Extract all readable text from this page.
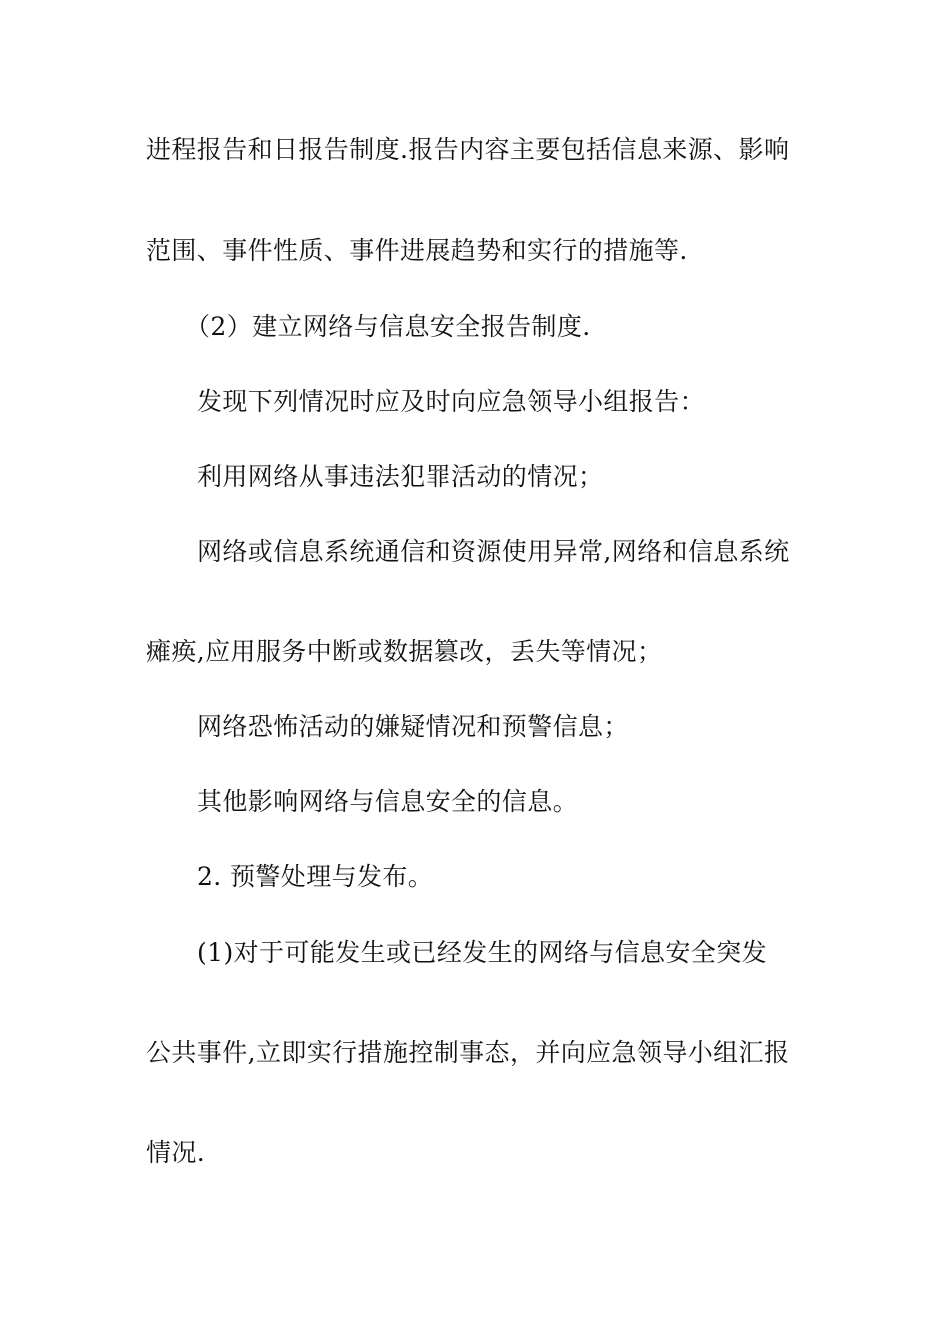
进程报告和日报告制度.报告内容主要包括信息来源、影响
范围、事件性质、事件进展趋势和实行的措施等.
（2）建立网络与信息安全报告制度.
发现下列情况时应及时向应急领导小组报告：
利用网络从事违法犯罪活动的情况；
网络或信息系统通信和资源使用异常,网络和信息系统
瘫痪,应用服务中断或数据篡改，丢失等情况；
网络恐怖活动的嫌疑情况和预警信息；
其他影响网络与信息安全的信息。
2. 预警处理与发布。
(1)对于可能发生或已经发生的网络与信息安全突发
公共事件,立即实行措施控制事态，并向应急领导小组汇报
情况.
